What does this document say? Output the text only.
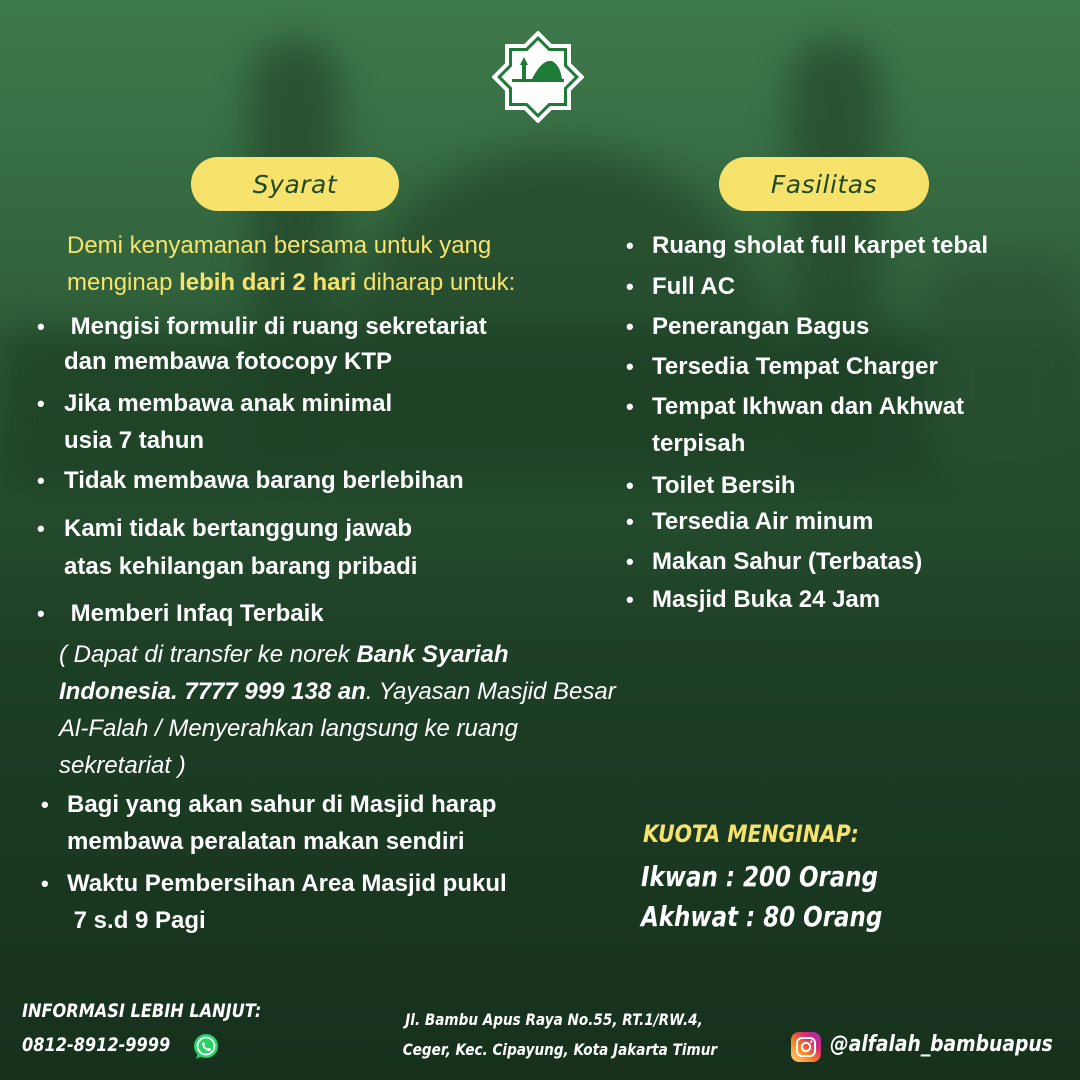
Syarat	Fasilitas
Demi kenyamanan bersama untuk yang menginap lebih dari 2 hari diharap untuk:
• Mengisi formulir di ruang sekretariat
dan membawa fotocopy KTP
• Jika membawa anak minimal
usia 7 tahun
• Tidak membawa barang berlebihan
• Kami tidak bertanggung jawab
atas kehilangan barang pribadi
• Memberi Infaq Terbaik
( Dapat di transfer ke norek Bank Syariah Indonesia. 7777 999 138 an. Yayasan Masjid Besar Al-Falah / Menyerahkan langsung ke ruang sekretariat )
• Bagi yang akan sahur di Masjid harap
membawa peralatan makan sendiri
• Waktu Pembersihan Area Masjid pukul
7 s.d 9 Pagi
• Ruang sholat full karpet tebal
• Full AC
• Penerangan Bagus
• Tersedia Tempat Charger
• Tempat Ikhwan dan Akhwat
terpisah
• Toilet Bersih
• Tersedia Air minum
• Makan Sahur (Terbatas)
• Masjid Buka 24 Jam
KUOTA MENGINAP:
Ikwan : 200 Orang
Akhwat : 80 Orang
INFORMASI LEBIH LANJUT:
0812-8912-9999
Jl. Bambu Apus Raya No.55, RT.1/RW.4,
Ceger, Kec. Cipayung, Kota Jakarta Timur	@alfalah_bambuapus
